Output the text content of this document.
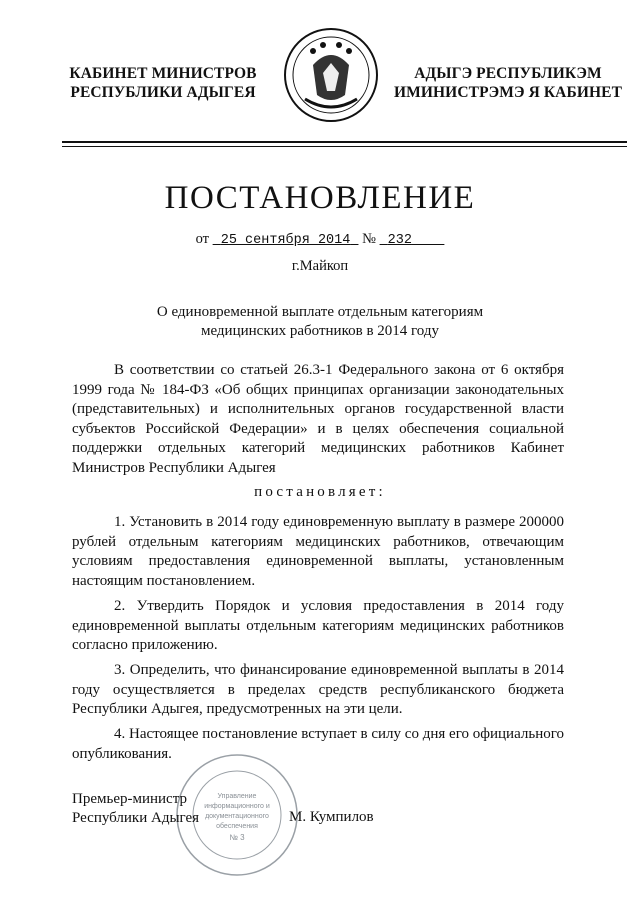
КАБИНЕТ МИНИСТРОВ
РЕСПУБЛИКИ АДЫГЕЯ
АДЫГЭ РЕСПУБЛИКЭМ
ИМИНИСТРЭМЭ Я КАБИНЕТ
ПОСТАНОВЛЕНИЕ
от 25 сентября 2014 № 232
г.Майкоп
О единовременной выплате отдельным категориям
медицинских работников в 2014 году
В соответствии со статьей 26.3-1 Федерального закона от 6 октября 1999 года № 184-ФЗ «Об общих принципах организации законодательных (представительных) и исполнительных органов государственной власти субъектов Российской Федерации» и в целях обеспечения социальной поддержки отдельных категорий медицинских работников Кабинет Министров Республики Адыгея
постановляет:
1. Установить в 2014 году единовременную выплату в размере 200000 рублей отдельным категориям медицинских работников, отвечающим условиям предоставления единовременной выплаты, установленным настоящим постановлением.
2. Утвердить Порядок и условия предоставления в 2014 году единовременной выплаты отдельным категориям медицинских работников согласно приложению.
3. Определить, что финансирование единовременной выплаты в 2014 году осуществляется в пределах средств республиканского бюджета Республики Адыгея, предусмотренных на эти цели.
4. Настоящее постановление вступает в силу со дня его официального опубликования.
Управление
информационного и
документационного
обеспечения
№ 3
Премьер-министр
Республики Адыгея	М. Кумпилов
